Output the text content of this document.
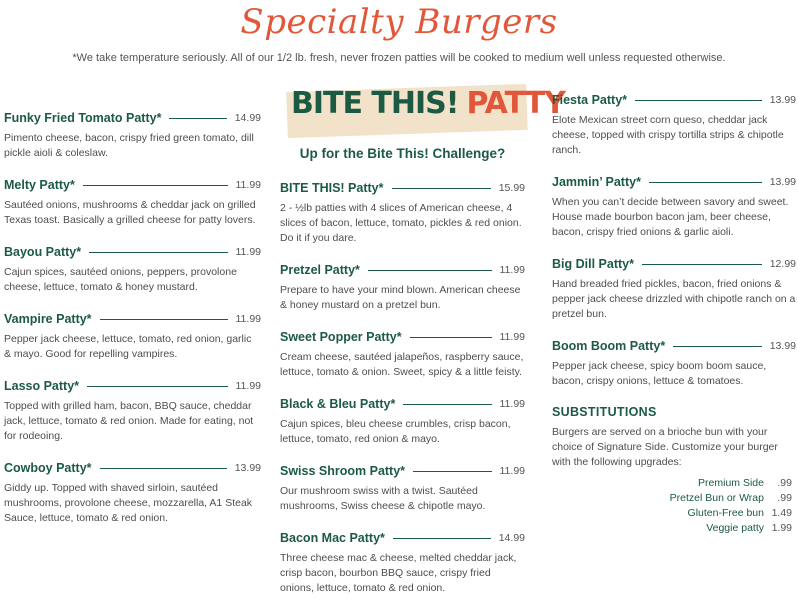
Specialty Burgers
*We take temperature seriously. All of our 1/2 lb. fresh, never frozen patties will be cooked to medium well unless requested otherwise.
BITE THIS! PATTY
Up for the Bite This! Challenge?
Funky Fried Tomato Patty*	14.99
Pimento cheese, bacon, crispy fried green tomato, dill pickle aioli & coleslaw.
Melty Patty*	11.99
Sautéed onions, mushrooms & cheddar jack on grilled Texas toast. Basically a grilled cheese for patty lovers.
Bayou Patty*	11.99
Cajun spices, sautéed onions, peppers, provolone cheese, lettuce, tomato & honey mustard.
Vampire Patty*	11.99
Pepper jack cheese, lettuce, tomato, red onion, garlic & mayo. Good for repelling vampires.
Lasso Patty*	11.99
Topped with grilled ham, bacon, BBQ sauce, cheddar jack, lettuce, tomato & red onion. Made for eating, not for rodeoing.
Cowboy Patty*	13.99
Giddy up. Topped with shaved sirloin, sautéed mushrooms, provolone cheese, mozzarella, A1 Steak Sauce, lettuce, tomato & red onion.
BITE THIS! Patty*	15.99
2 - ½lb patties with 4 slices of American cheese, 4 slices of bacon, lettuce, tomato, pickles & red onion. Do it if you dare.
Pretzel Patty*	11.99
Prepare to have your mind blown. American cheese & honey mustard on a pretzel bun.
Sweet Popper Patty*	11.99
Cream cheese, sautéed jalapeños, raspberry sauce, lettuce, tomato & onion. Sweet, spicy & a little feisty.
Black & Bleu Patty*	11.99
Cajun spices, bleu cheese crumbles, crisp bacon, lettuce, tomato, red onion & mayo.
Swiss Shroom Patty*	11.99
Our mushroom swiss with a twist. Sautéed mushrooms, Swiss cheese & chipotle mayo.
Bacon Mac Patty*	14.99
Three cheese mac & cheese, melted cheddar jack, crisp bacon, bourbon BBQ sauce, crispy fried onions, lettuce, tomato & red onion.
Fiesta Patty*	13.99
Elote Mexican street corn queso, cheddar jack cheese, topped with crispy tortilla strips & chipotle ranch.
Jammin’ Patty*	13.99
When you can’t decide between savory and sweet. House made bourbon bacon jam, beer cheese, bacon, crispy fried onions & garlic aioli.
Big Dill Patty*	12.99
Hand breaded fried pickles, bacon, fried onions & pepper jack cheese drizzled with chipotle ranch on a pretzel bun.
Boom Boom Patty*	13.99
Pepper jack cheese, spicy boom boom sauce, bacon, crispy onions, lettuce & tomatoes.
SUBSTITUTIONS
Burgers are served on a brioche bun with your choice of Signature Side. Customize your burger with the following upgrades:
Premium Side	.99
Pretzel Bun or Wrap	.99
Gluten-Free bun 1.49
Veggie patty 1.99
